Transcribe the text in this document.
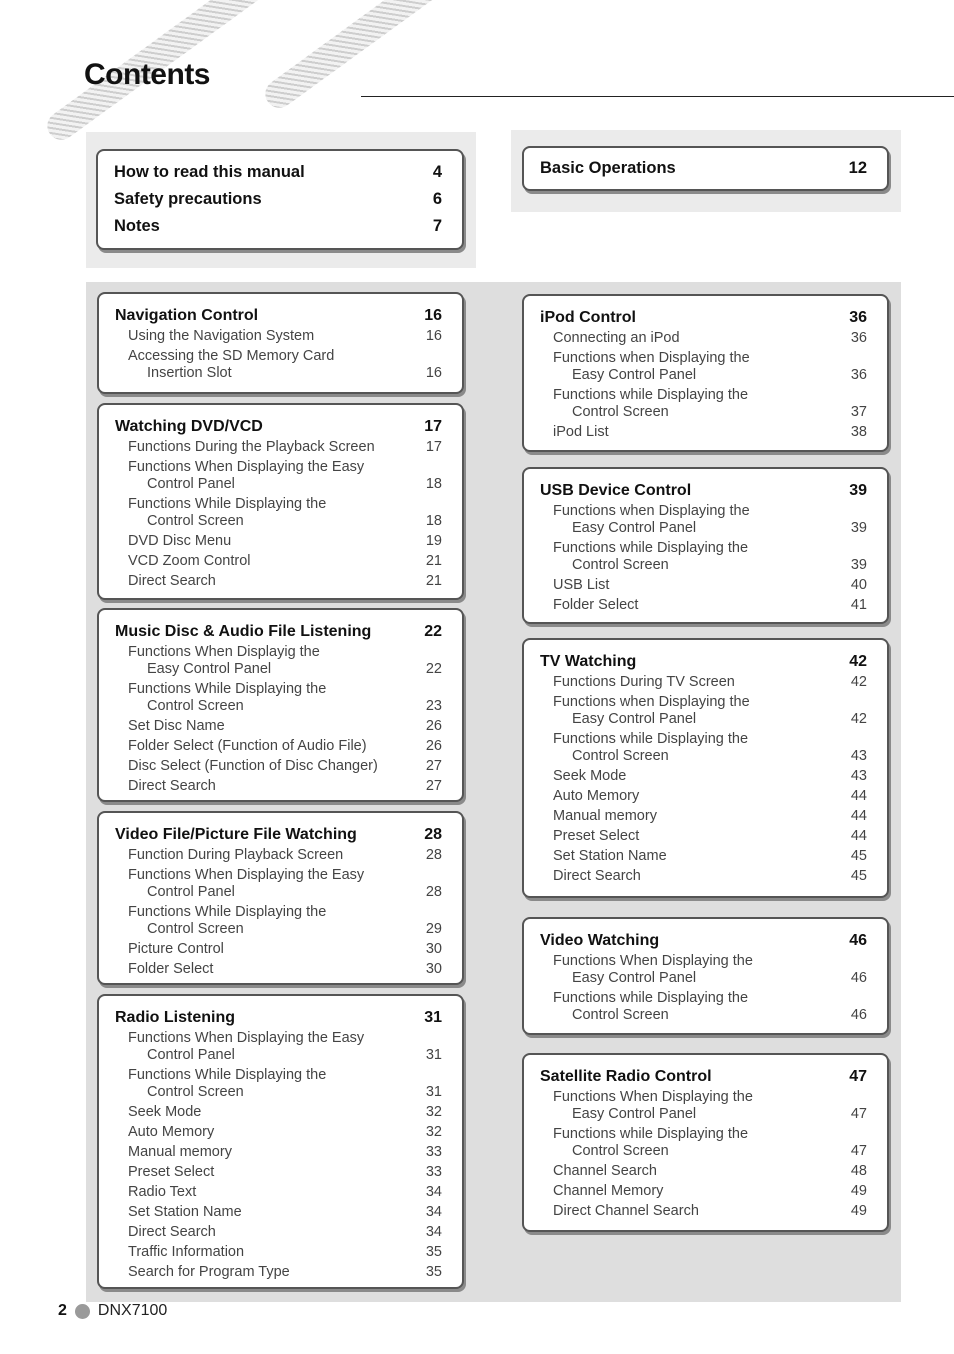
Contents
How to read this manual	4
Safety precautions	6
Notes	7
Basic Operations	12
Navigation Control	16
Using the Navigation System	16
Accessing the SD Memory Card
Insertion Slot	16
Watching DVD/VCD	17
Functions During the Playback Screen	17
Functions When Displaying the Easy
Control Panel	18
Functions While Displaying the
Control Screen	18
DVD Disc Menu	19
VCD Zoom Control	21
Direct Search	21
Music Disc & Audio File Listening	22
Functions When Displayig the
Easy Control Panel	22
Functions While Displaying the
Control Screen	23
Set Disc Name	26
Folder Select (Function of Audio File)	26
Disc Select (Function of Disc Changer)	27
Direct Search	27
Video File/Picture File Watching	28
Function During Playback Screen	28
Functions When Displaying the Easy
Control Panel	28
Functions While Displaying the
Control Screen	29
Picture Control	30
Folder Select	30
Radio Listening	31
Functions When Displaying the Easy
Control Panel	31
Functions While Displaying the
Control Screen	31
Seek Mode	32
Auto Memory	32
Manual memory	33
Preset Select	33
Radio Text	34
Set Station Name	34
Direct Search	34
Traffic Information	35
Search for Program Type	35
iPod Control	36
Connecting an iPod	36
Functions when Displaying the
Easy Control Panel	36
Functions while Displaying the
Control Screen	37
iPod List	38
USB Device Control	39
Functions when Displaying the
Easy Control Panel	39
Functions while Displaying the
Control Screen	39
USB List	40
Folder Select	41
TV Watching	42
Functions During TV Screen	42
Functions when Displaying the
Easy Control Panel	42
Functions while Displaying the
Control Screen	43
Seek Mode	43
Auto Memory	44
Manual memory	44
Preset Select	44
Set Station Name	45
Direct Search	45
Video Watching	46
Functions When Displaying the
Easy Control Panel	46
Functions while Displaying the
Control Screen	46
Satellite Radio Control	47
Functions When Displaying the
Easy Control Panel	47
Functions while Displaying the
Control Screen	47
Channel Search	48
Channel Memory	49
Direct Channel Search	49
2 DNX7100
